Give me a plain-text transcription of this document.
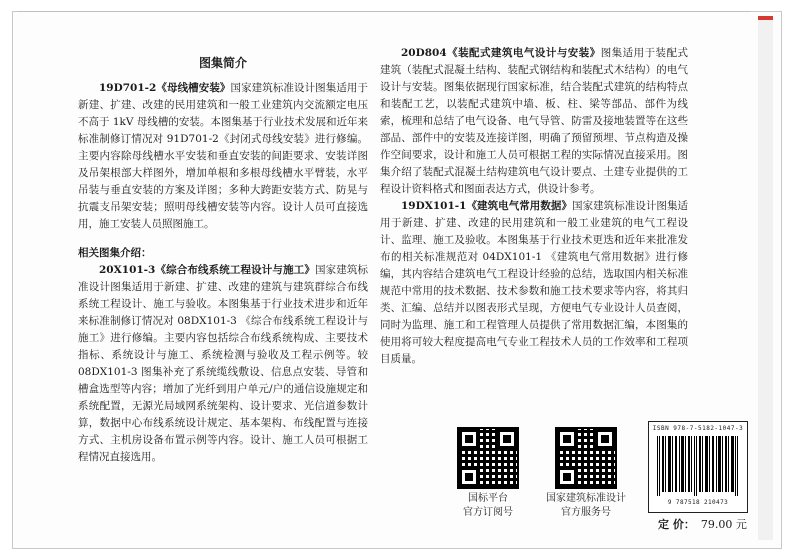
图集简介

19D701-2《母线槽安装》国家建筑标准设计图集适用于新建、扩建、改建的民用建筑和一般工业建筑内交流额定电压不高于 1kV 母线槽的安装。本图集基于行业技术发展和近年来标准制修订情况对 91D701-2《封闭式母线安装》进行修编。主要内容除母线槽水平安装和垂直安装的间距要求、安装详图及吊架根部大样图外，增加单根和多根母线槽水平臂装，水平吊装与垂直安装的方案及详图；多种大跨距安装方式、防晃与抗震支吊架安装；照明母线槽安装等内容。设计人员可直接选用，施工安装人员照图施工。

相关图集介绍：

20X101-3《综合布线系统工程设计与施工》国家建筑标准设计图集适用于新建、扩建、改建的建筑与建筑群综合布线系统工程设计、施工与验收。本图集基于行业技术进步和近年来标准制修订情况对 08DX101-3 《综合布线系统工程设计与施工》进行修编。主要内容包括综合布线系统构成、主要技术指标、系统设计与施工、系统检测与验收及工程示例等。较 08DX101-3 图集补充了系统缆线敷设、信息点安装、导管和槽盒选型等内容；增加了光纤到用户单元/户的通信设施规定和系统配置，无源光局域网系统架构、设计要求、光信道参数计算，数据中心布线系统设计规定、基本架构、布线配置与连接方式、主机房设备布置示例等内容。设计、施工人员可根据工程情况直接选用。

20D804《装配式建筑电气设计与安装》图集适用于装配式建筑（装配式混凝土结构、装配式钢结构和装配式木结构）的电气设计与安装。图集依据现行国家标准，结合装配式建筑的结构特点和装配工艺，以装配式建筑中墙、板、柱、梁等部品、部件为线索，梳理和总结了电气设备、电气导管、防雷及接地装置等在这些部品、部件中的安装及连接详图，明确了预留预埋、节点构造及操作空间要求，设计和施工人员可根据工程的实际情况直接采用。图集介绍了装配式混凝土结构建筑电气设计要点、土建专业提供的工程设计资料格式和图面表达方式，供设计参考。

19DX101-1《建筑电气常用数据》国家建筑标准设计图集适用于新建、扩建、改建的民用建筑和一般工业建筑的电气工程设计、监理、施工及验收。本图集基于行业技术更迭和近年来批准发布的相关标准规范对 04DX101-1 《建筑电气常用数据》进行修编，其内容结合建筑电气工程设计经验的总结，选取国内相关标准规范中常用的技术数据、技术参数和施工技术要求等内容，将其归类、汇编、总结并以图表形式呈现，方便电气专业设计人员查阅，同时为监理、施工和工程管理人员提供了常用数据汇编，本图集的使用将可较大程度提高电气专业工程技术人员的工作效率和工程项目质量。

国标平台
官方订阅号
国家建筑标准设计
官方服务号
ISBN 978-7-5182-1047-3
9 787518 210473
定 价： 79.00 元
